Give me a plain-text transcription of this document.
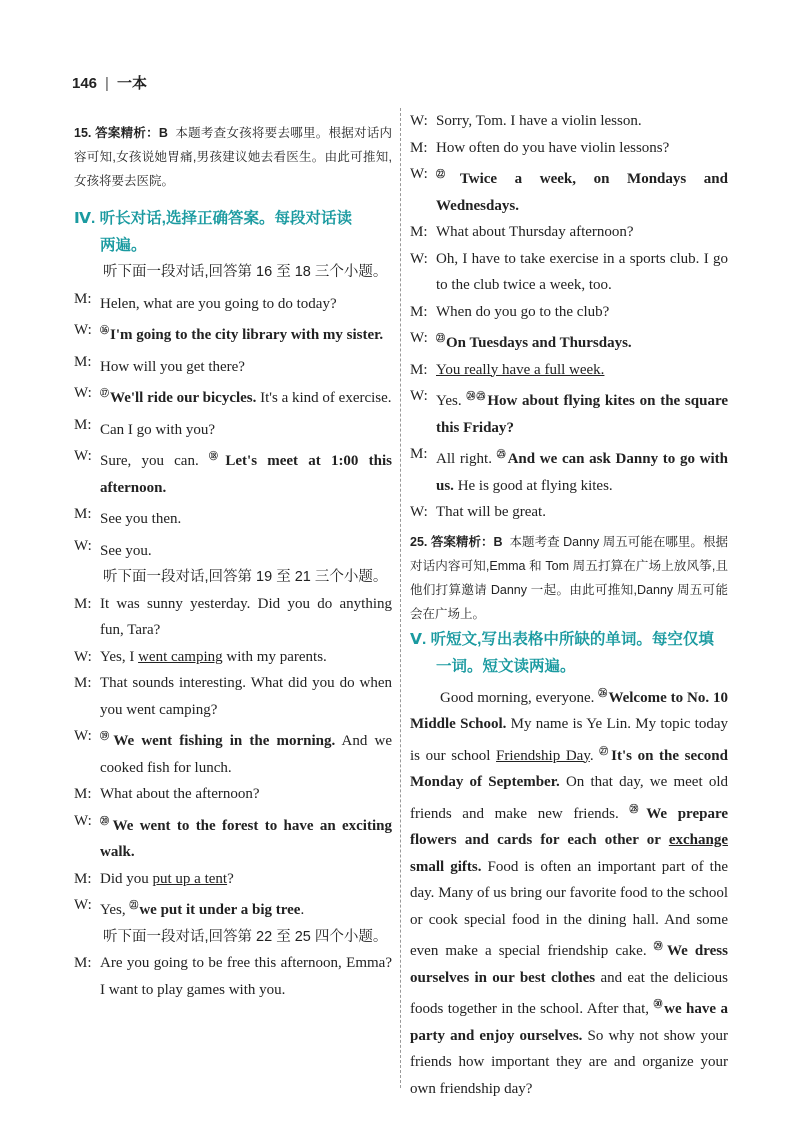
146 | 一本

15. 答案精析：B 本题考查女孩将要去哪里。根据对话内容可知,女孩说她胃痛,男孩建议她去看医生。由此可推知,女孩将要去医院。

Ⅳ. 听长对话,选择正确答案。每段对话读
两遍。

听下面一段对话,回答第 16 至 18 三个小题。

M: Helen, what are you going to do today?
W: ⑯I'm going to the city library with my sister.
M: How will you get there?
W: ⑰We'll ride our bicycles. It's a kind of exercise.
M: Can I go with you?
W: Sure, you can. ⑱Let's meet at 1:00 this afternoon.
M: See you then.
W: See you.

听下面一段对话,回答第 19 至 21 三个小题。

M: It was sunny yesterday. Did you do anything fun, Tara?
W: Yes, I went camping with my parents.
M: That sounds interesting. What did you do when you went camping?
W: ⑲We went fishing in the morning. And we cooked fish for lunch.
M: What about the afternoon?
W: ⑳We went to the forest to have an exciting walk.
M: Did you put up a tent?
W: Yes, $^㉑$we put it under a big tree.

听下面一段对话,回答第 22 至 25 四个小题。

M: Are you going to be free this afternoon, Emma? I want to play games with you.
W: Sorry, Tom. I have a violin lesson.
M: How often do you have violin lessons?
W: $^㉒$Twice a week, on Mondays and Wednesdays.
M: What about Thursday afternoon?
W: Oh, I have to take exercise in a sports club. I go to the club twice a week, too.
M: When do you go to the club?
W: $^㉓$On Tuesdays and Thursdays.
M: You really have a full week.
W: Yes. $^{㉔㉕}$How about flying kites on the square this Friday?
M: All right. $^㉕$And we can ask Danny to go with us. He is good at flying kites.
W: That will be great.

25. 答案精析：B 本题考查 Danny 周五可能在哪里。根据对话内容可知,Emma 和 Tom 周五打算在广场上放风筝,且他们打算邀请 Danny 一起。由此可推知,Danny 周五可能会在广场上。

Ⅴ. 听短文,写出表格中所缺的单词。每空仅填
一词。短文读两遍。

Good morning, everyone. $^㉖$Welcome to No. 10 Middle School. My name is Ye Lin. My topic today is our school Friendship Day. $^㉗$It's on the second Monday of September. On that day, we meet old friends and make new friends. $^㉘$We prepare flowers and cards for each other or exchange small gifts. Food is often an important part of the day. Many of us bring our favorite food to the school or cook special food in the dining hall. And some even make a special friendship cake. $^㉙$We dress ourselves in our best clothes and eat the delicious foods together in the school. After that, $^㉚$we have a party and enjoy ourselves. So why not show your friends how important they are and organize your own friendship day?
